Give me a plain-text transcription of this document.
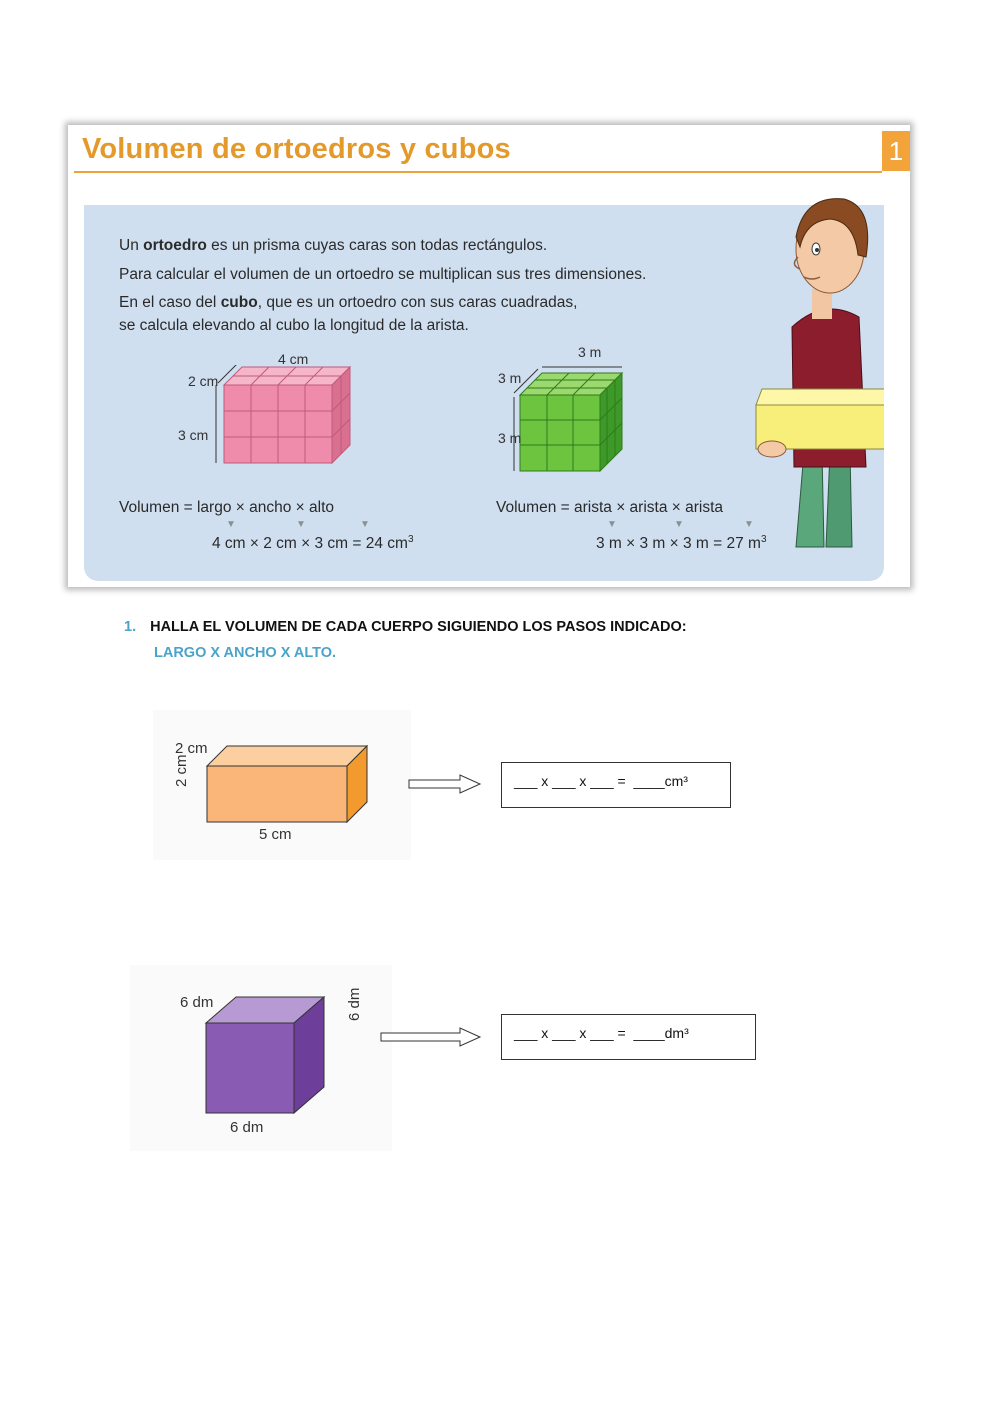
Volumen de ortoedros y cubos	1
Un ortoedro es un prisma cuyas caras son todas rectángulos.
Para calcular el volumen de un ortoedro se multiplican sus tres dimensiones.
En el caso del cubo, que es un ortoedro con sus caras cuadradas,
se calcula elevando al cubo la longitud de la arista.
4 cm
2 cm
3 cm
3 m
3 m
3 m
Volumen = largo × ancho × alto
▼	▼	▼
4 cm × 2 cm × 3 cm = 24 $cm^3$
Volumen = arista × arista × arista
▼	▼	▼
3 m × 3 m × 3 m = 27 $m^3$
1. HALLA EL VOLUMEN DE CADA CUERPO SIGUIENDO LOS PASOS INDICADO:
LARGO X ANCHO X ALTO.
2 cm
2 cm
5 cm
___ x ___ x ___ =  ____cm³
6 dm	6 dm
6 dm
___ x ___ x ___ =  ____dm³
